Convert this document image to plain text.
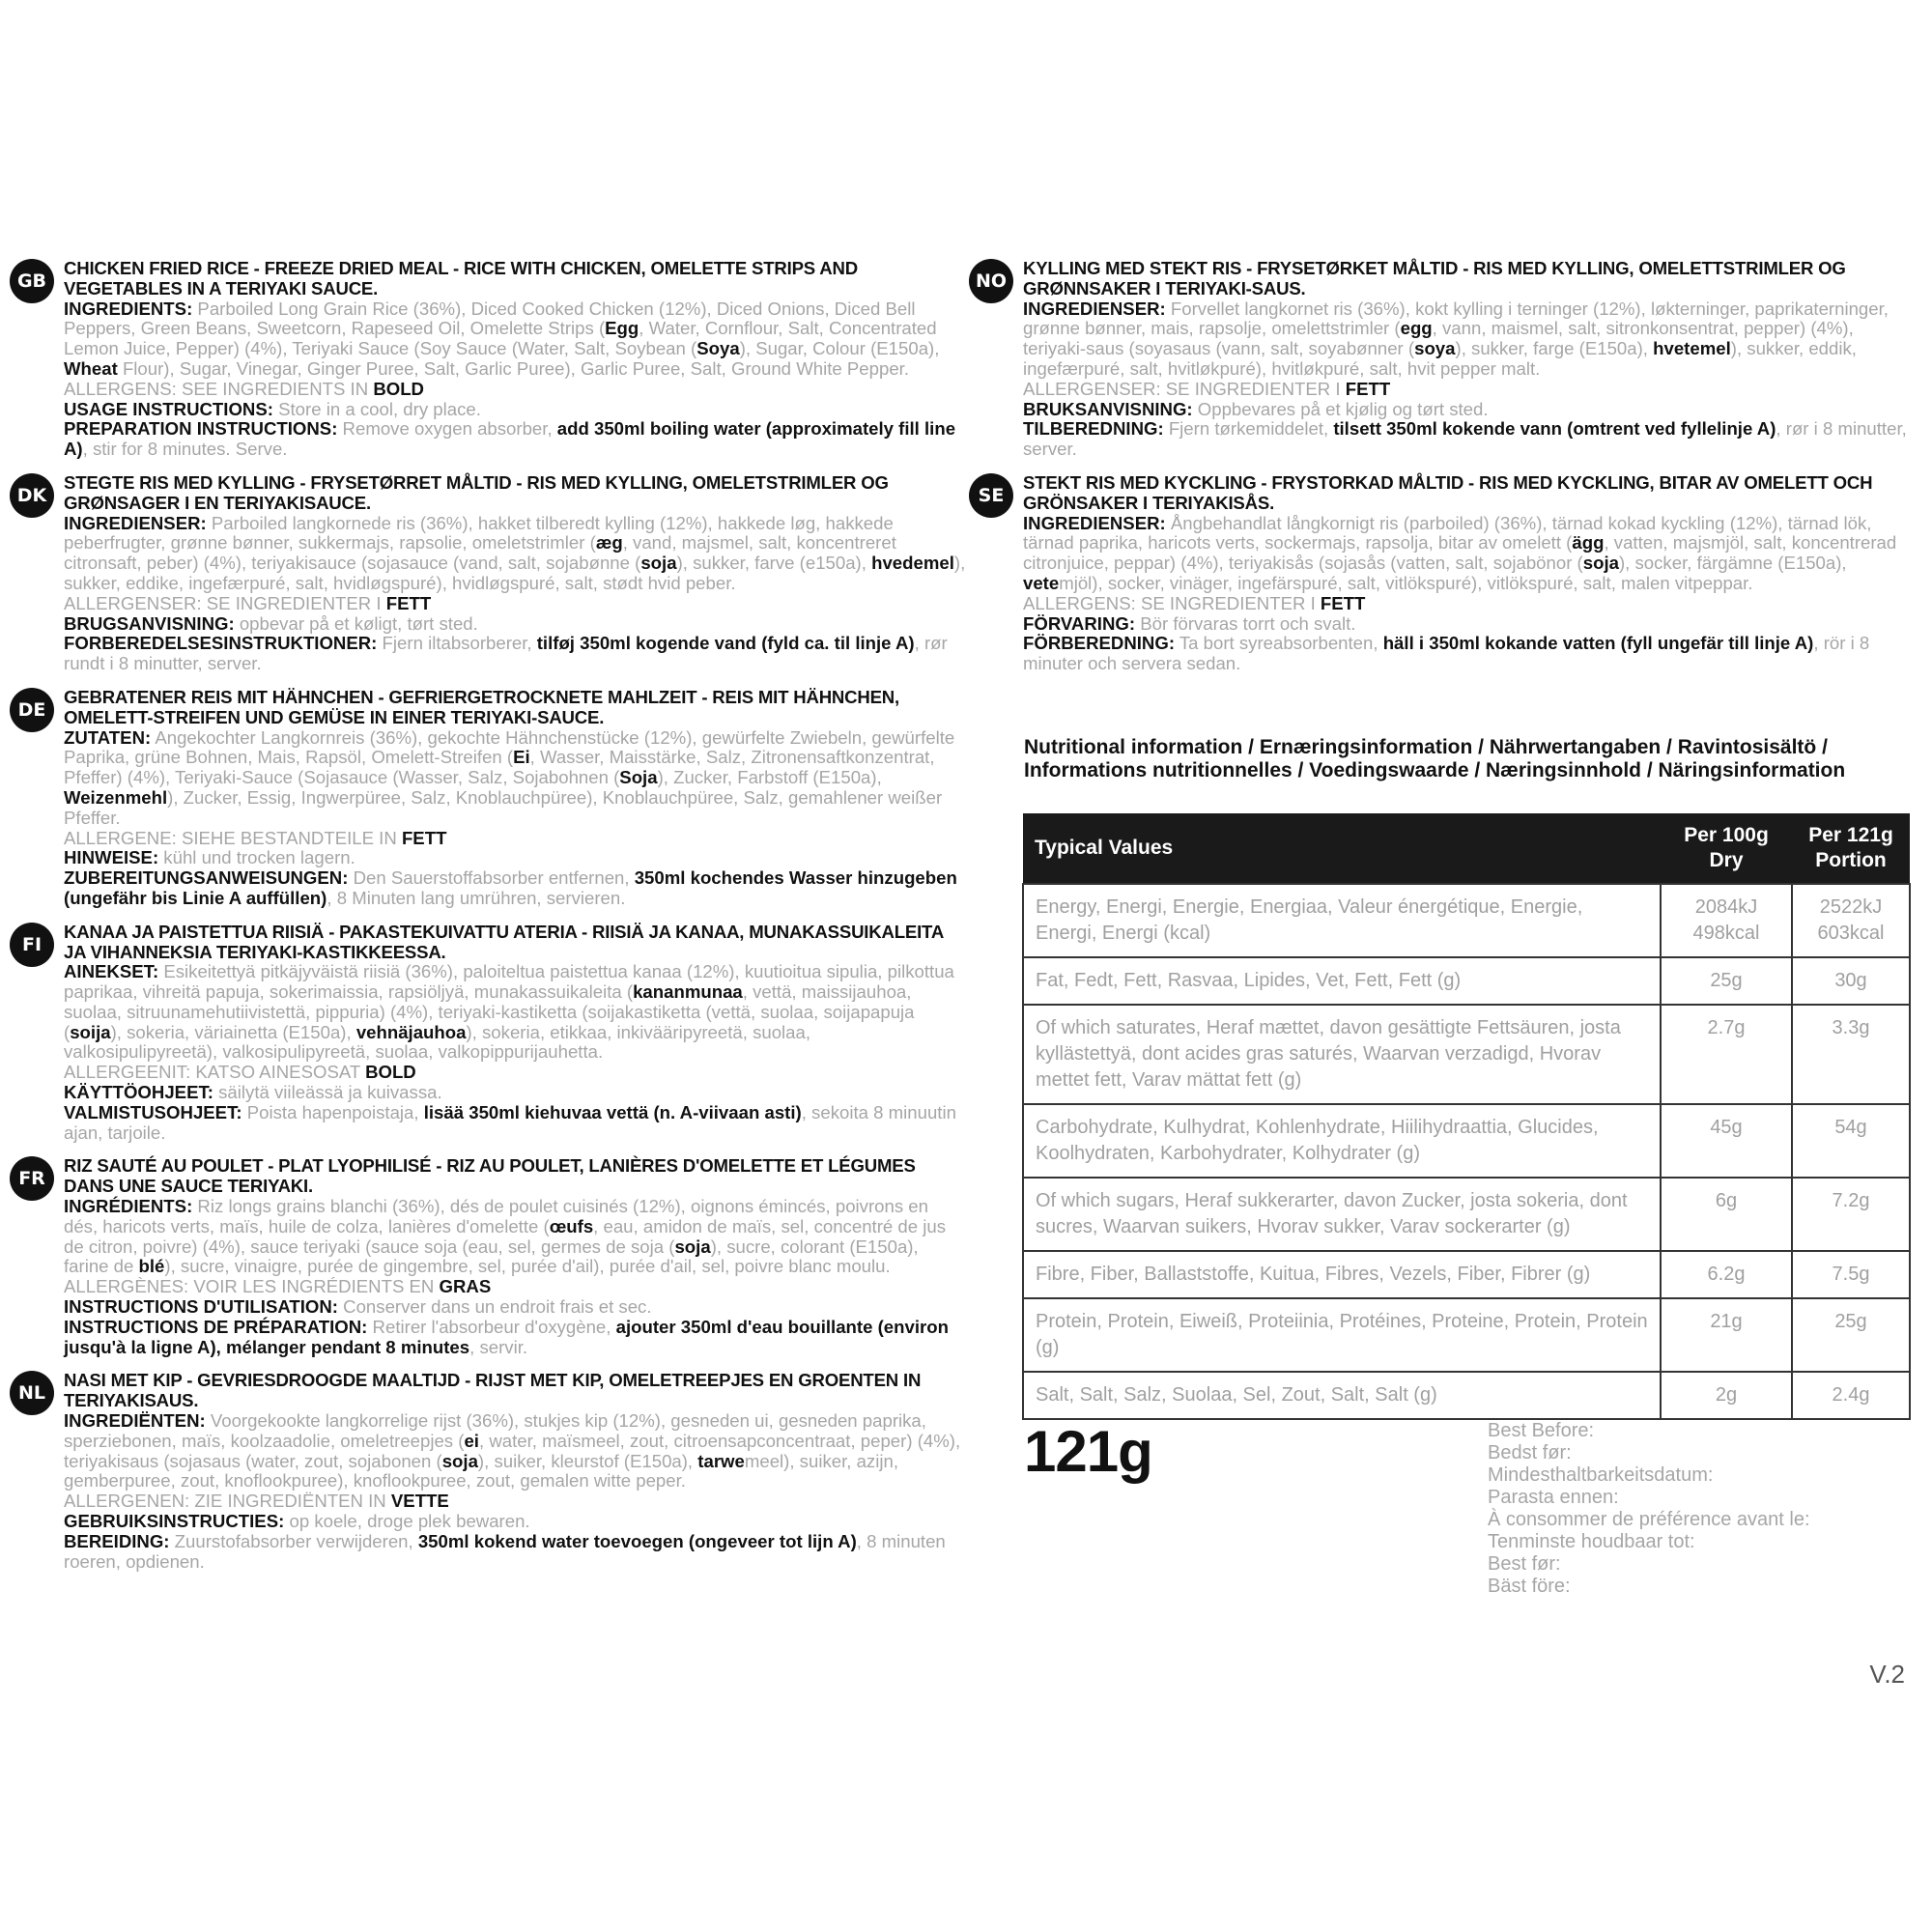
GB

CHICKEN FRIED RICE - FREEZE DRIED MEAL - RICE WITH CHICKEN, OMELETTE STRIPS AND VEGETABLES IN A TERIYAKI SAUCE.

INGREDIENTS: Parboiled Long Grain Rice (36%), Diced Cooked Chicken (12%), Diced Onions, Diced Bell Peppers, Green Beans, Sweetcorn, Rapeseed Oil, Omelette Strips (Egg, Water, Cornflour, Salt, Concentrated Lemon Juice, Pepper) (4%), Teriyaki Sauce (Soy Sauce (Water, Salt, Soybean (Soya), Sugar, Colour (E150a), Wheat Flour), Sugar, Vinegar, Ginger Puree, Salt, Garlic Puree), Garlic Puree, Salt, Ground White Pepper.

ALLERGENS: SEE INGREDIENTS IN BOLD

USAGE INSTRUCTIONS: Store in a cool, dry place.

PREPARATION INSTRUCTIONS: Remove oxygen absorber, add 350ml boiling water (approximately fill line A), stir for 8 minutes. Serve.

DK

STEGTE RIS MED KYLLING - FRYSETØRRET MÅLTID - RIS MED KYLLING, OMELETSTRIMLER OG GRØNSAGER I EN TERIYAKISAUCE.

INGREDIENSER: Parboiled langkornede ris (36%), hakket tilberedt kylling (12%), hakkede løg, hakkede peberfrugter, grønne bønner, sukkermajs, rapsolie, omeletstrimler (æg, vand, majsmel, salt, koncentreret citronsaft, peber) (4%), teriyakisauce (sojasauce (vand, salt, sojabønne (soja), sukker, farve (e150a), hvedemel), sukker, eddike, ingefærpuré, salt, hvidløgspuré), hvidløgspuré, salt, stødt hvid peber.

ALLERGENSER: SE INGREDIENTER I FETT

BRUGSANVISNING: opbevar på et køligt, tørt sted.

FORBEREDELSESINSTRUKTIONER: Fjern iltabsorberer, tilføj 350ml kogende vand (fyld ca. til linje A), rør rundt i 8 minutter, server.

DE

GEBRATENER REIS MIT HÄHNCHEN - GEFRIERGETROCKNETE MAHLZEIT - REIS MIT HÄHNCHEN, OMELETT-STREIFEN UND GEMÜSE IN EINER TERIYAKI-SAUCE.

ZUTATEN: Angekochter Langkornreis (36%), gekochte Hähnchenstücke (12%), gewürfelte Zwiebeln, gewürfelte Paprika, grüne Bohnen, Mais, Rapsöl, Omelett-Streifen (Ei, Wasser, Maisstärke, Salz, Zitronensaftkonzentrat, Pfeffer) (4%), Teriyaki-Sauce (Sojasauce (Wasser, Salz, Sojabohnen (Soja), Zucker, Farbstoff (E150a), Weizenmehl), Zucker, Essig, Ingwerpüree, Salz, Knoblauchpüree), Knoblauchpüree, Salz, gemahlener weißer Pfeffer.

ALLERGENE: SIEHE BESTANDTEILE IN FETT

HINWEISE: kühl und trocken lagern.

ZUBEREITUNGSANWEISUNGEN: Den Sauerstoffabsorber entfernen, 350ml kochendes Wasser hinzugeben (ungefähr bis Linie A auffüllen), 8 Minuten lang umrühren, servieren.

FI

KANAA JA PAISTETTUA RIISIÄ - PAKASTEKUIVATTU ATERIA - RIISIÄ JA KANAA, MUNAKASSUIKALEITA JA VIHANNEKSIA TERIYAKI-KASTIKKEESSA.

AINEKSET: Esikeitettyä pitkäjyväistä riisiä (36%), paloiteltua paistettua kanaa (12%), kuutioitua sipulia, pilkottua paprikaa, vihreitä papuja, sokerimaissia, rapsiöljyä, munakassuikaleita (kananmunaa, vettä, maissijauhoa, suolaa, sitruunamehutiivistettä, pippuria) (4%), teriyaki-kastiketta (soijakastiketta (vettä, suolaa, soijapapuja (soija), sokeria, väriainetta (E150a), vehnäjauhoa), sokeria, etikkaa, inkivääripyreetä, suolaa, valkosipulipyreetä), valkosipulipyreetä, suolaa, valkopippurijauhetta.

ALLERGEENIT: KATSO AINESOSAT BOLD

KÄYTTÖOHJEET: säilytä viileässä ja kuivassa.

VALMISTUSOHJEET: Poista hapenpoistaja, lisää 350ml kiehuvaa vettä (n. A-viivaan asti), sekoita 8 minuutin ajan, tarjoile.

FR

RIZ SAUTÉ AU POULET - PLAT LYOPHILISÉ - RIZ AU POULET, LANIÈRES D'OMELETTE ET LÉGUMES DANS UNE SAUCE TERIYAKI.

INGRÉDIENTS: Riz longs grains blanchi (36%), dés de poulet cuisinés (12%), oignons émincés, poivrons en dés, haricots verts, maïs, huile de colza, lanières d'omelette (œufs, eau, amidon de maïs, sel, concentré de jus de citron, poivre) (4%), sauce teriyaki (sauce soja (eau, sel, germes de soja (soja), sucre, colorant (E150a), farine de blé), sucre, vinaigre, purée de gingembre, sel, purée d'ail), purée d'ail, sel, poivre blanc moulu.

ALLERGÈNES: VOIR LES INGRÉDIENTS EN GRAS

INSTRUCTIONS D'UTILISATION: Conserver dans un endroit frais et sec.

INSTRUCTIONS DE PRÉPARATION: Retirer l'absorbeur d'oxygène, ajouter 350ml d'eau bouillante (environ jusqu'à la ligne A), mélanger pendant 8 minutes, servir.

NL

NASI MET KIP - GEVRIESDROOGDE MAALTIJD - RIJST MET KIP, OMELETREEPJES EN GROENTEN IN TERIYAKISAUS.

INGREDIËNTEN: Voorgekookte langkorrelige rijst (36%), stukjes kip (12%), gesneden ui, gesneden paprika, sperziebonen, maïs, koolzaadolie, omeletreepjes (ei, water, maïsmeel, zout, citroensapconcentraat, peper) (4%), teriyakisaus (sojasaus (water, zout, sojabonen (soja), suiker, kleurstof (E150a), tarwemeel), suiker, azijn, gemberpuree, zout, knoflookpuree), knoflookpuree, zout, gemalen witte peper.

ALLERGENEN: ZIE INGREDIËNTEN IN VETTE

GEBRUIKSINSTRUCTIES: op koele, droge plek bewaren.

BEREIDING: Zuurstofabsorber verwijderen, 350ml kokend water toevoegen (ongeveer tot lijn A), 8 minuten roeren, opdienen.

NO

KYLLING MED STEKT RIS - FRYSETØRKET MÅLTID - RIS MED KYLLING, OMELETTSTRIMLER OG GRØNNSAKER I TERIYAKI-SAUS.

INGREDIENSER: Forvellet langkornet ris (36%), kokt kylling i terninger (12%), løkterninger, paprikaterninger, grønne bønner, mais, rapsolje, omelettstrimler (egg, vann, maismel, salt, sitronkonsentrat, pepper) (4%), teriyaki-saus (soyasaus (vann, salt, soyabønner (soya), sukker, farge (E150a), hvetemel), sukker, eddik, ingefærpuré, salt, hvitløkpuré), hvitløkpuré, salt, hvit pepper malt.

ALLERGENSER: SE INGREDIENTER I FETT

BRUKSANVISNING: Oppbevares på et kjølig og tørt sted.

TILBEREDNING: Fjern tørkemiddelet, tilsett 350ml kokende vann (omtrent ved fyllelinje A), rør i 8 minutter, server.

SE

STEKT RIS MED KYCKLING - FRYSTORKAD MÅLTID - RIS MED KYCKLING, BITAR AV OMELETT OCH GRÖNSAKER I TERIYAKISÅS.

INGREDIENSER: Ångbehandlat långkornigt ris (parboiled) (36%), tärnad kokad kyckling (12%), tärnad lök, tärnad paprika, haricots verts, sockermajs, rapsolja, bitar av omelett (ägg, vatten, majsmjöl, salt, koncentrerad citronjuice, peppar) (4%), teriyakisås (sojasås (vatten, salt, sojabönor (soja), socker, färgämne (E150a), vetemjöl), socker, vinäger, ingefärspuré, salt, vitlökspuré), vitlökspuré, salt, malen vitpeppar.

ALLERGENS: SE INGREDIENTER I FETT

FÖRVARING: Bör förvaras torrt och svalt.

FÖRBEREDNING: Ta bort syreabsorbenten, häll i 350ml kokande vatten (fyll ungefär till linje A), rör i 8 minuter och servera sedan.

Nutritional information / Ernæringsinformation / Nährwertangaben / Ravintosisältö / Informations nutritionnelles / Voedingswaarde / Næringsinnhold / Näringsinformation
Typical Values	Per 100g Dry	Per 121g Portion
Energy, Energi, Energie, Energiaa, Valeur énergétique, Energie, Energi, Energi (kcal)	2084kJ 498kcal	2522kJ 603kcal
Fat, Fedt, Fett, Rasvaa, Lipides, Vet, Fett, Fett (g)	25g	30g
Of which saturates, Heraf mættet, davon gesättigte Fettsäuren, josta kyllästettyä, dont acides gras saturés, Waarvan verzadigd, Hvorav mettet fett, Varav mättat fett (g)	2.7g	3.3g
Carbohydrate, Kulhydrat, Kohlenhydrate, Hiilihydraattia, Glucides, Koolhydraten, Karbohydrater, Kolhydrater (g)	45g	54g
Of which sugars, Heraf sukkerarter, davon Zucker, josta sokeria, dont sucres, Waarvan suikers, Hvorav sukker, Varav sockerarter (g)	6g	7.2g
Fibre, Fiber, Ballaststoffe, Kuitua, Fibres, Vezels, Fiber, Fibrer (g)	6.2g	7.5g
Protein, Protein, Eiweiß, Proteiinia, Protéines, Proteine, Protein, Protein (g)	21g	25g
Salt, Salt, Salz, Suolaa, Sel, Zout, Salt, Salt (g)	2g	2.4g
121g	Best Before:
Bedst før:
Mindesthaltbarkeitsdatum:
Parasta ennen:
À consommer de préférence avant le:
Tenminste houdbaar tot:
Best før:
Bäst före:
V.2
